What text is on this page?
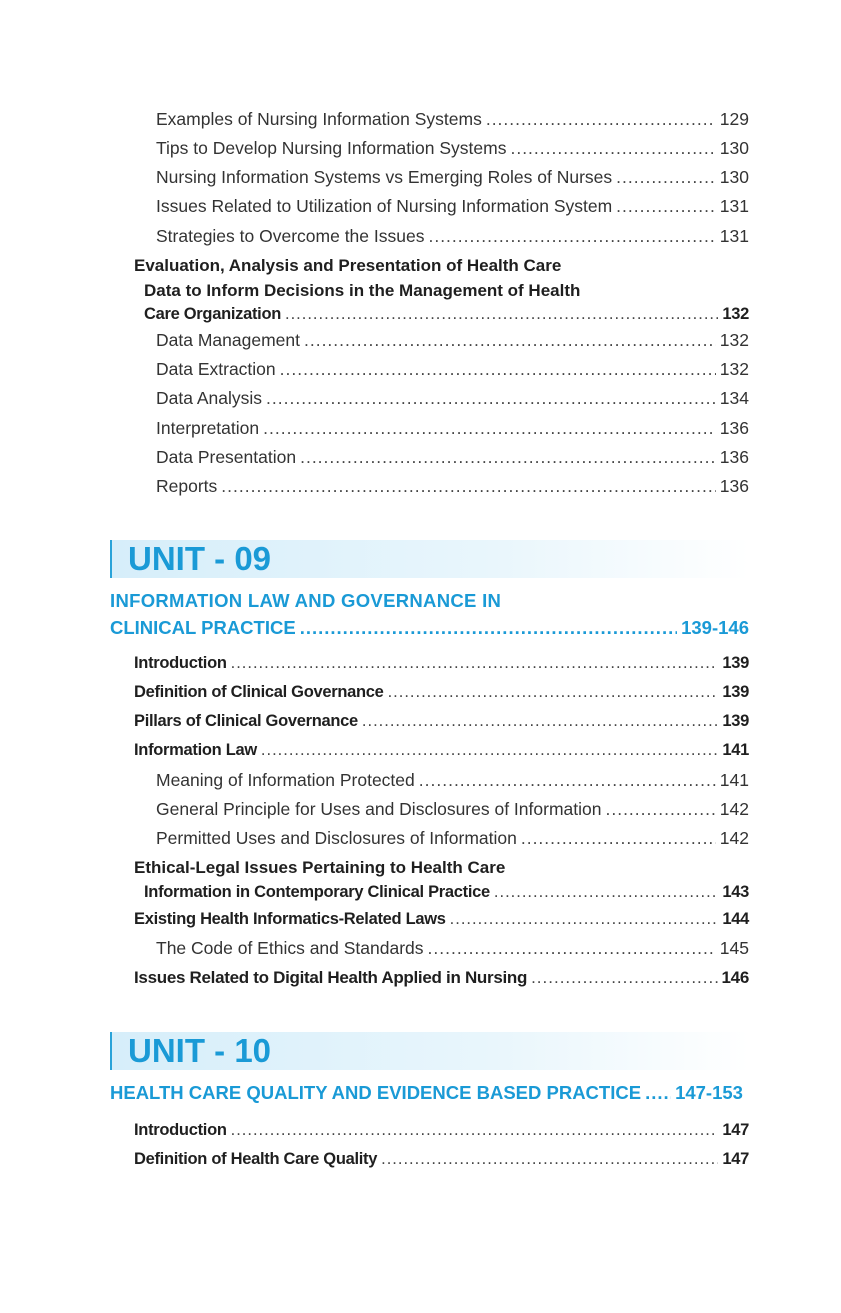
Examples of Nursing Information Systems .....	129
Tips to Develop Nursing Information Systems .....	130
Nursing Information Systems vs Emerging Roles of Nurses .....	130
Issues Related to Utilization of Nursing Information System .....	131
Strategies to Overcome the Issues .....	131
Evaluation, Analysis and Presentation of Health Care
Data to Inform Decisions in the Management of Health
Care Organization .....	132
Data Management .....	132
Data Extraction .....	132
Data Analysis .....	134
Interpretation .....	136
Data Presentation .....	136
Reports .....	136
UNIT - 09
INFORMATION LAW AND GOVERNANCE IN
CLINICAL PRACTICE .....	139-146
Introduction .....	139
Definition of Clinical Governance .....	139
Pillars of Clinical Governance .....	139
Information Law .....	141
Meaning of Information Protected .....	141
General Principle for Uses and Disclosures of Information .....	142
Permitted Uses and Disclosures of Information .....	142
Ethical-Legal Issues Pertaining to Health Care
Information in Contemporary Clinical Practice .....	143
Existing Health Informatics-Related Laws .....	144
The Code of Ethics and Standards .....	145
Issues Related to Digital Health Applied in Nursing .....	146
UNIT - 10
HEALTH CARE QUALITY AND EVIDENCE BASED PRACTICE ..... 147-153
Introduction .....	147
Definition of Health Care Quality .....	147
